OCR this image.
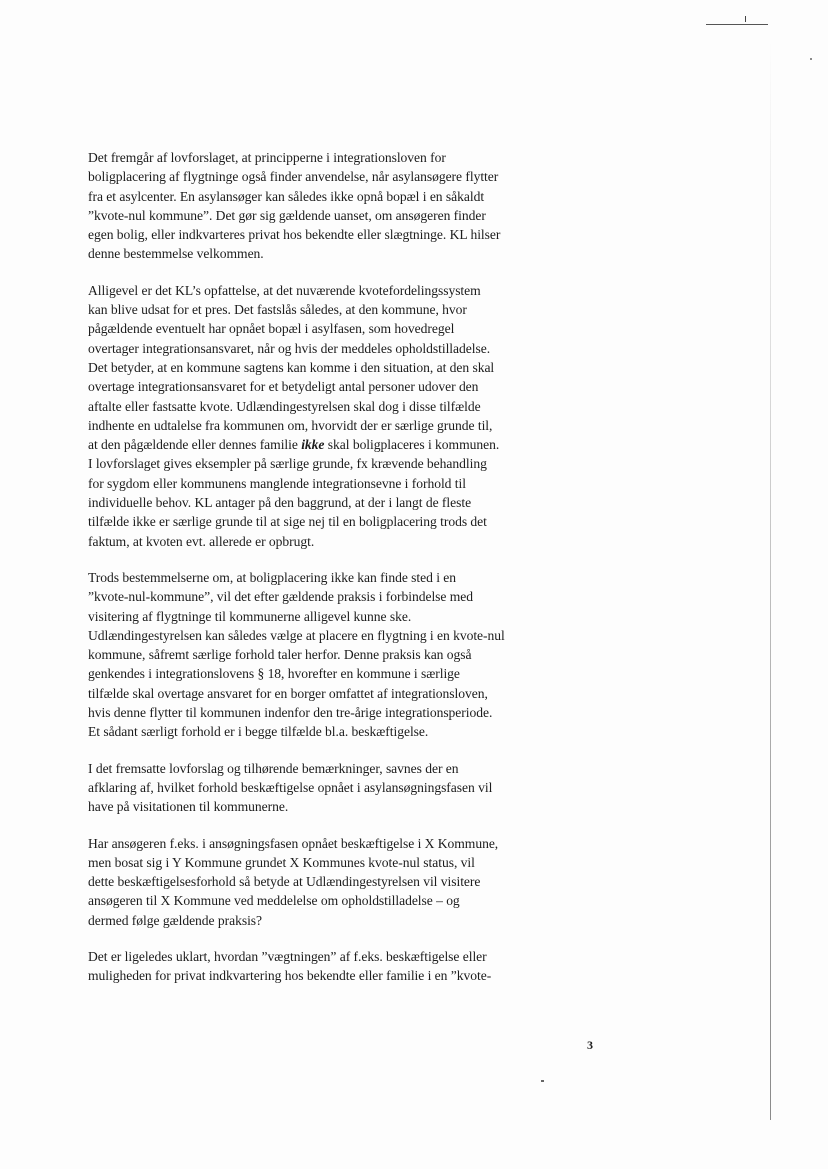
Det fremgår af lovforslaget, at principperne i integrationsloven for
boligplacering af flygtninge også finder anvendelse, når asylansøgere flytter
fra et asylcenter. En asylansøger kan således ikke opnå bopæl i en såkaldt
”kvote-nul kommune”. Det gør sig gældende uanset, om ansøgeren finder
egen bolig, eller indkvarteres privat hos bekendte eller slægtninge. KL hilser
denne bestemmelse velkommen.

Alligevel er det KL’s opfattelse, at det nuværende kvotefordelingssystem
kan blive udsat for et pres. Det fastslås således, at den kommune, hvor
pågældende eventuelt har opnået bopæl i asylfasen, som hovedregel
overtager integrationsansvaret, når og hvis der meddeles opholdstilladelse.
Det betyder, at en kommune sagtens kan komme i den situation, at den skal
overtage integrationsansvaret for et betydeligt antal personer udover den
aftalte eller fastsatte kvote. Udlændingestyrelsen skal dog i disse tilfælde
indhente en udtalelse fra kommunen om, hvorvidt der er særlige grunde til,
at den pågældende eller dennes familie ikke skal boligplaceres i kommunen.
I lovforslaget gives eksempler på særlige grunde, fx krævende behandling
for sygdom eller kommunens manglende integrationsevne i forhold til
individuelle behov. KL antager på den baggrund, at der i langt de fleste
tilfælde ikke er særlige grunde til at sige nej til en boligplacering trods det
faktum, at kvoten evt. allerede er opbrugt.

Trods bestemmelserne om, at boligplacering ikke kan finde sted i en
”kvote-nul-kommune”, vil det efter gældende praksis i forbindelse med
visitering af flygtninge til kommunerne alligevel kunne ske.
Udlændingestyrelsen kan således vælge at placere en flygtning i en kvote-nul
kommune, såfremt særlige forhold taler herfor. Denne praksis kan også
genkendes i integrationslovens § 18, hvorefter en kommune i særlige
tilfælde skal overtage ansvaret for en borger omfattet af integrationsloven,
hvis denne flytter til kommunen indenfor den tre-årige integrationsperiode.
Et sådant særligt forhold er i begge tilfælde bl.a. beskæftigelse.

I det fremsatte lovforslag og tilhørende bemærkninger, savnes der en
afklaring af, hvilket forhold beskæftigelse opnået i asylansøgningsfasen vil
have på visitationen til kommunerne.

Har ansøgeren f.eks. i ansøgningsfasen opnået beskæftigelse i X Kommune,
men bosat sig i Y Kommune grundet X Kommunes kvote-nul status, vil
dette beskæftigelsesforhold så betyde at Udlændingestyrelsen vil visitere
ansøgeren til X Kommune ved meddelelse om opholdstilladelse – og
dermed følge gældende praksis?

Det er ligeledes uklart, hvordan ”vægtningen” af f.eks. beskæftigelse eller
muligheden for privat indkvartering hos bekendte eller familie i en ”kvote-

3
